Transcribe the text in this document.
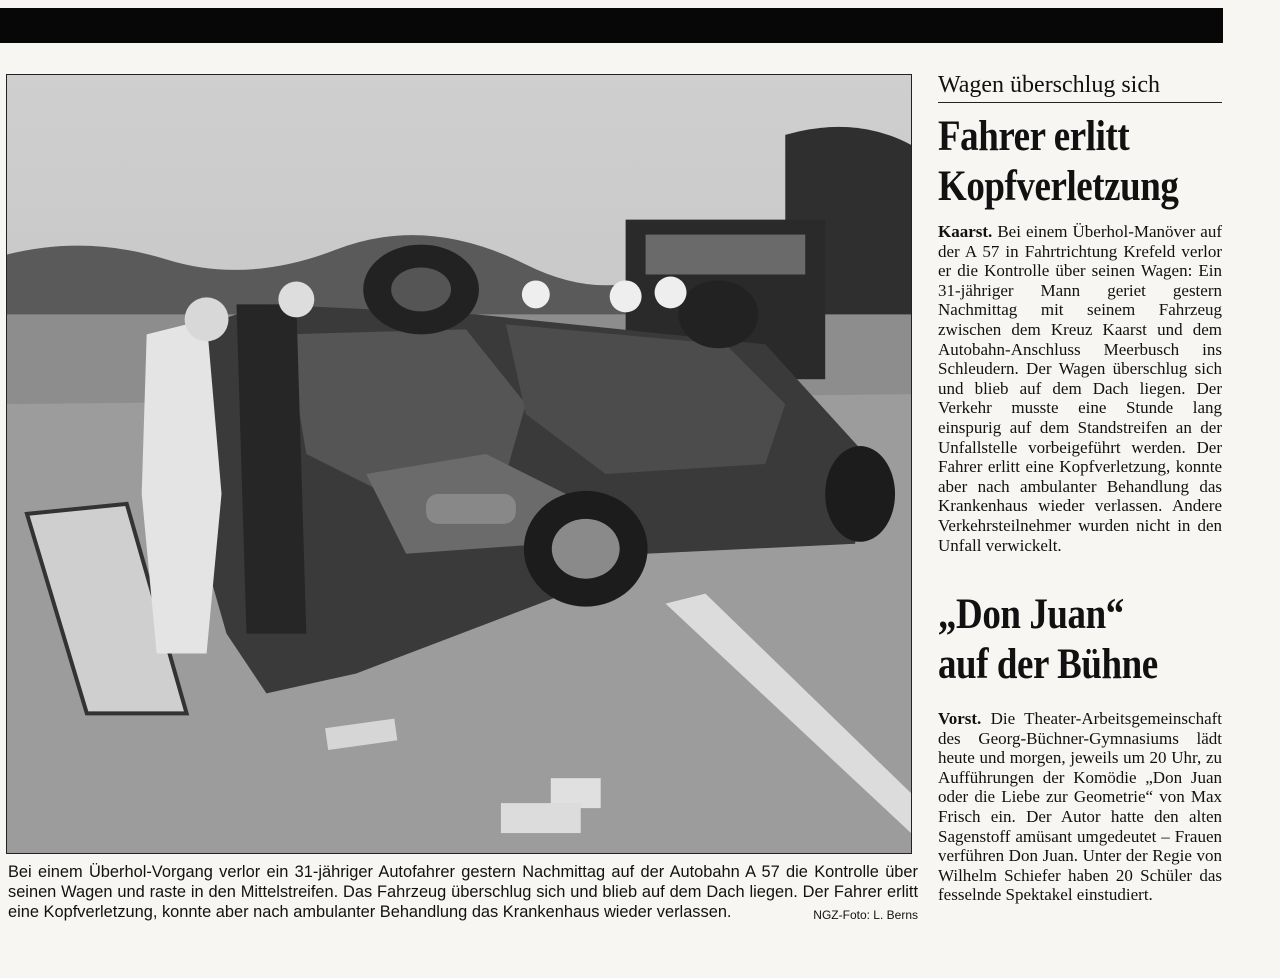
Bei einem Überhol-Vorgang verlor ein 31-jähriger Autofahrer gestern Nachmittag auf der Autobahn A 57 die Kontrolle über seinen Wagen und raste in den Mittelstreifen. Das Fahrzeug überschlug sich und blieb auf dem Dach liegen. Der Fahrer erlitt eine Kopfverletzung, konnte aber nach ambulanter Behandlung das Krankenhaus wieder verlassen.	NGZ-Foto: L. Berns
Wagen überschlug sich
Fahrer erlitt
Kopfverletzung
Kaarst. Bei einem Überhol-Manöver auf der A 57 in Fahrtrichtung Krefeld verlor er die Kontrolle über seinen Wagen: Ein 31-jähriger Mann geriet gestern Nachmittag mit seinem Fahrzeug zwischen dem Kreuz Kaarst und dem Autobahn-Anschluss Meerbusch ins Schleudern. Der Wagen überschlug sich und blieb auf dem Dach liegen. Der Verkehr musste eine Stunde lang einspurig auf dem Standstreifen an der Unfallstelle vorbeigeführt werden. Der Fahrer erlitt eine Kopfverletzung, konnte aber nach ambulanter Behandlung das Krankenhaus wieder verlassen. Andere Verkehrsteilnehmer wurden nicht in den Unfall verwickelt.
„Don Juan“
auf der Bühne
Vorst. Die Theater-Arbeitsgemeinschaft des Georg-Büchner-Gymnasiums lädt heute und morgen, jeweils um 20 Uhr, zu Aufführungen der Komödie „Don Juan oder die Liebe zur Geometrie“ von Max Frisch ein. Der Autor hatte den alten Sagenstoff amüsant umgedeutet – Frauen verführen Don Juan. Unter der Regie von Wilhelm Schiefer haben 20 Schüler das fesselnde Spektakel einstudiert.
